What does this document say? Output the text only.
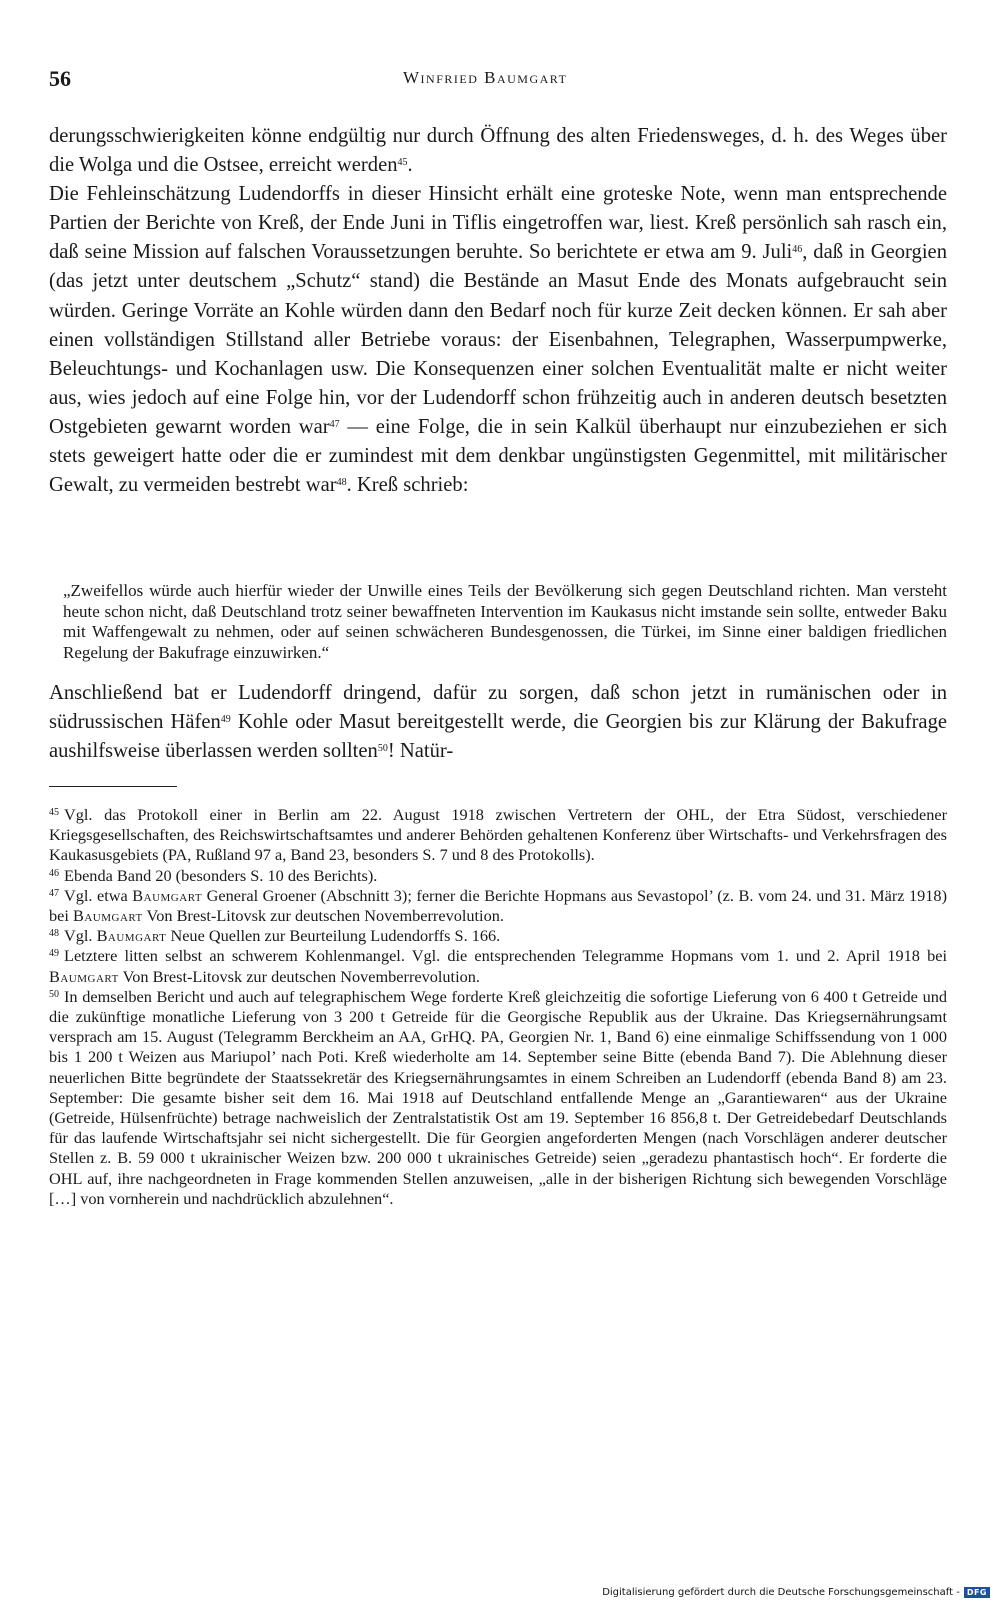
56	Winfried Baumgart

derungsschwierigkeiten könne endgültig nur durch Öffnung des alten Friedensweges, d. h. des Weges über die Wolga und die Ostsee, erreicht werden$^{45}$.

Die Fehleinschätzung Ludendorffs in dieser Hinsicht erhält eine groteske Note, wenn man entsprechende Partien der Berichte von Kreß, der Ende Juni in Tiflis eingetroffen war, liest. Kreß persönlich sah rasch ein, daß seine Mission auf falschen Voraussetzungen beruhte. So berichtete er etwa am 9. Juli$^{46}$, daß in Georgien (das jetzt unter deutschem „Schutz“ stand) die Bestände an Masut Ende des Monats aufgebraucht sein würden. Geringe Vorräte an Kohle würden dann den Bedarf noch für kurze Zeit decken können. Er sah aber einen vollständigen Stillstand aller Betriebe voraus: der Eisenbahnen, Telegraphen, Wasserpumpwerke, Beleuchtungs- und Kochanlagen usw. Die Konsequenzen einer solchen Eventualität malte er nicht weiter aus, wies jedoch auf eine Folge hin, vor der Ludendorff schon frühzeitig auch in anderen deutsch besetzten Ostgebieten gewarnt worden war$^{47}$ — eine Folge, die in sein Kalkül überhaupt nur einzubeziehen er sich stets geweigert hatte oder die er zumindest mit dem denkbar ungünstigsten Gegenmittel, mit militärischer Gewalt, zu vermeiden bestrebt war$^{48}$. Kreß schrieb:

„Zweifellos würde auch hierfür wieder der Unwille eines Teils der Bevölkerung sich gegen Deutschland richten. Man versteht heute schon nicht, daß Deutschland trotz seiner bewaffneten Intervention im Kaukasus nicht imstande sein sollte, entweder Baku mit Waffengewalt zu nehmen, oder auf seinen schwächeren Bundesgenossen, die Türkei, im Sinne einer baldigen friedlichen Regelung der Bakufrage einzuwirken.“

Anschließend bat er Ludendorff dringend, dafür zu sorgen, daß schon jetzt in rumänischen oder in südrussischen Häfen$^{49}$ Kohle oder Masut bereitgestellt werde, die Georgien bis zur Klärung der Bakufrage aushilfsweise überlassen werden sollten$^{50}$! Natür-

$^{45}$ Vgl. das Protokoll einer in Berlin am 22. August 1918 zwischen Vertretern der OHL, der Etra Südost, verschiedener Kriegsgesellschaften, des Reichswirtschaftsamtes und anderer Behörden gehaltenen Konferenz über Wirtschafts- und Verkehrsfragen des Kaukasusgebiets (PA, Rußland 97 a, Band 23, besonders S. 7 und 8 des Protokolls).

$^{46}$ Ebenda Band 20 (besonders S. 10 des Berichts).

$^{47}$ Vgl. etwa Baumgart General Groener (Abschnitt 3); ferner die Berichte Hopmans aus Sevastopol’ (z. B. vom 24. und 31. März 1918) bei Baumgart Von Brest-Litovsk zur deutschen Novemberrevolution.

$^{48}$ Vgl. Baumgart Neue Quellen zur Beurteilung Ludendorffs S. 166.

$^{49}$ Letztere litten selbst an schwerem Kohlenmangel. Vgl. die entsprechenden Telegramme Hopmans vom 1. und 2. April 1918 bei Baumgart Von Brest-Litovsk zur deutschen Novemberrevolution.

$^{50}$ In demselben Bericht und auch auf telegraphischem Wege forderte Kreß gleichzeitig die sofortige Lieferung von 6 400 t Getreide und die zukünftige monatliche Lieferung von 3 200 t Getreide für die Georgische Republik aus der Ukraine. Das Kriegsernährungsamt versprach am 15. August (Telegramm Berckheim an AA, GrHQ. PA, Georgien Nr. 1, Band 6) eine einmalige Schiffssendung von 1 000 bis 1 200 t Weizen aus Mariupol’ nach Poti. Kreß wiederholte am 14. September seine Bitte (ebenda Band 7). Die Ablehnung dieser neuerlichen Bitte begründete der Staatssekretär des Kriegsernährungsamtes in einem Schreiben an Ludendorff (ebenda Band 8) am 23. September: Die gesamte bisher seit dem 16. Mai 1918 auf Deutschland entfallende Menge an „Garantiewaren“ aus der Ukraine (Getreide, Hülsenfrüchte) betrage nachweislich der Zentralstatistik Ost am 19. September 16 856,8 t. Der Getreidebedarf Deutschlands für das laufende Wirtschaftsjahr sei nicht sichergestellt. Die für Georgien angeforderten Mengen (nach Vorschlägen anderer deutscher Stellen z. B. 59 000 t ukrainischer Weizen bzw. 200 000 t ukrainisches Getreide) seien „geradezu phantastisch hoch“. Er forderte die OHL auf, ihre nachgeordneten in Frage kommenden Stellen anzuweisen, „alle in der bisherigen Richtung sich bewegenden Vorschläge […] von vornherein und nachdrücklich abzulehnen“.

Digitalisierung gefördert durch die Deutsche Forschungsgemeinschaft - DFG
